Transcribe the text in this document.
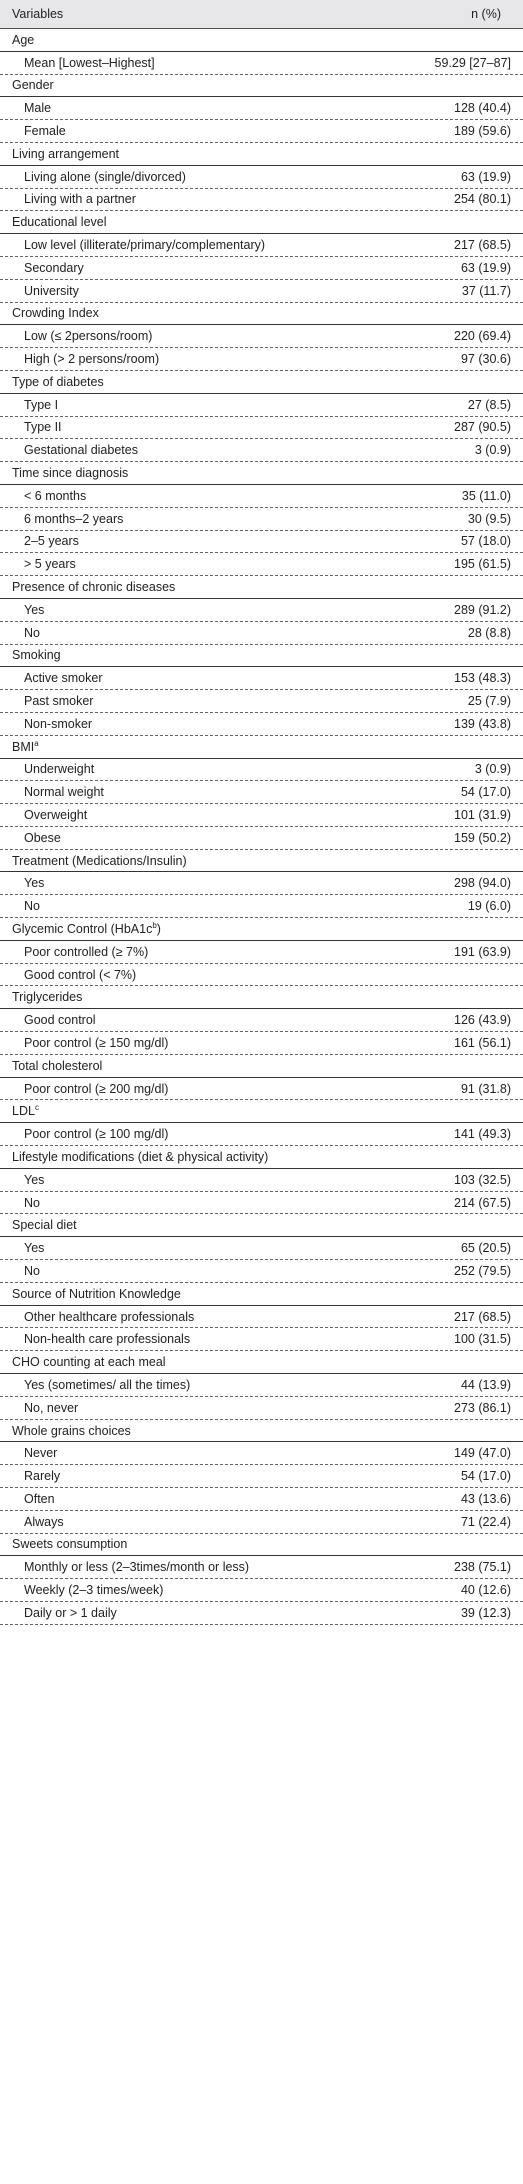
Variables	n (%)
Age
Mean [Lowest–Highest]	59.29 [27–87]
Gender
Male	128 (40.4)
Female	189 (59.6)
Living arrangement
Living alone (single/divorced)	63 (19.9)
Living with a partner	254 (80.1)
Educational level
Low level (illiterate/primary/complementary)	217 (68.5)
Secondary	63 (19.9)
University	37 (11.7)
Crowding Index
Low (≤ 2persons/room)	220 (69.4)
High (> 2 persons/room)	97 (30.6)
Type of diabetes
Type I	27 (8.5)
Type II	287 (90.5)
Gestational diabetes	3 (0.9)
Time since diagnosis
< 6 months	35 (11.0)
6 months–2 years	30 (9.5)
2–5 years	57 (18.0)
> 5 years	195 (61.5)
Presence of chronic diseases
Yes	289 (91.2)
No	28 (8.8)
Smoking
Active smoker	153 (48.3)
Past smoker	25 (7.9)
Non-smoker	139 (43.8)
BMI$^a$
Underweight	3 (0.9)
Normal weight	54 (17.0)
Overweight	101 (31.9)
Obese	159 (50.2)
Treatment (Medications/Insulin)
Yes	298 (94.0)
No	19 (6.0)
Glycemic Control $(HbA1c^b)$
Poor controlled (≥ 7%)	191 (63.9)
Good control (< 7%)
Triglycerides
Good control	126 (43.9)
Poor control (≥ 150 mg/dl)	161 (56.1)
Total cholesterol
Poor control (≥ 200 mg/dl)	91 (31.8)
LDL$^c$
Poor control (≥ 100 mg/dl)	141 (49.3)
Lifestyle modifications (diet & physical activity)
Yes	103 (32.5)
No	214 (67.5)
Special diet
Yes	65 (20.5)
No	252 (79.5)
Source of Nutrition Knowledge
Other healthcare professionals	217 (68.5)
Non-health care professionals	100 (31.5)
CHO counting at each meal
Yes (sometimes/ all the times)	44 (13.9)
No, never	273 (86.1)
Whole grains choices
Never	149 (47.0)
Rarely	54 (17.0)
Often	43 (13.6)
Always	71 (22.4)
Sweets consumption
Monthly or less (2–3times/month or less)	238 (75.1)
Weekly (2–3 times/week)	40 (12.6)
Daily or > 1 daily	39 (12.3)
